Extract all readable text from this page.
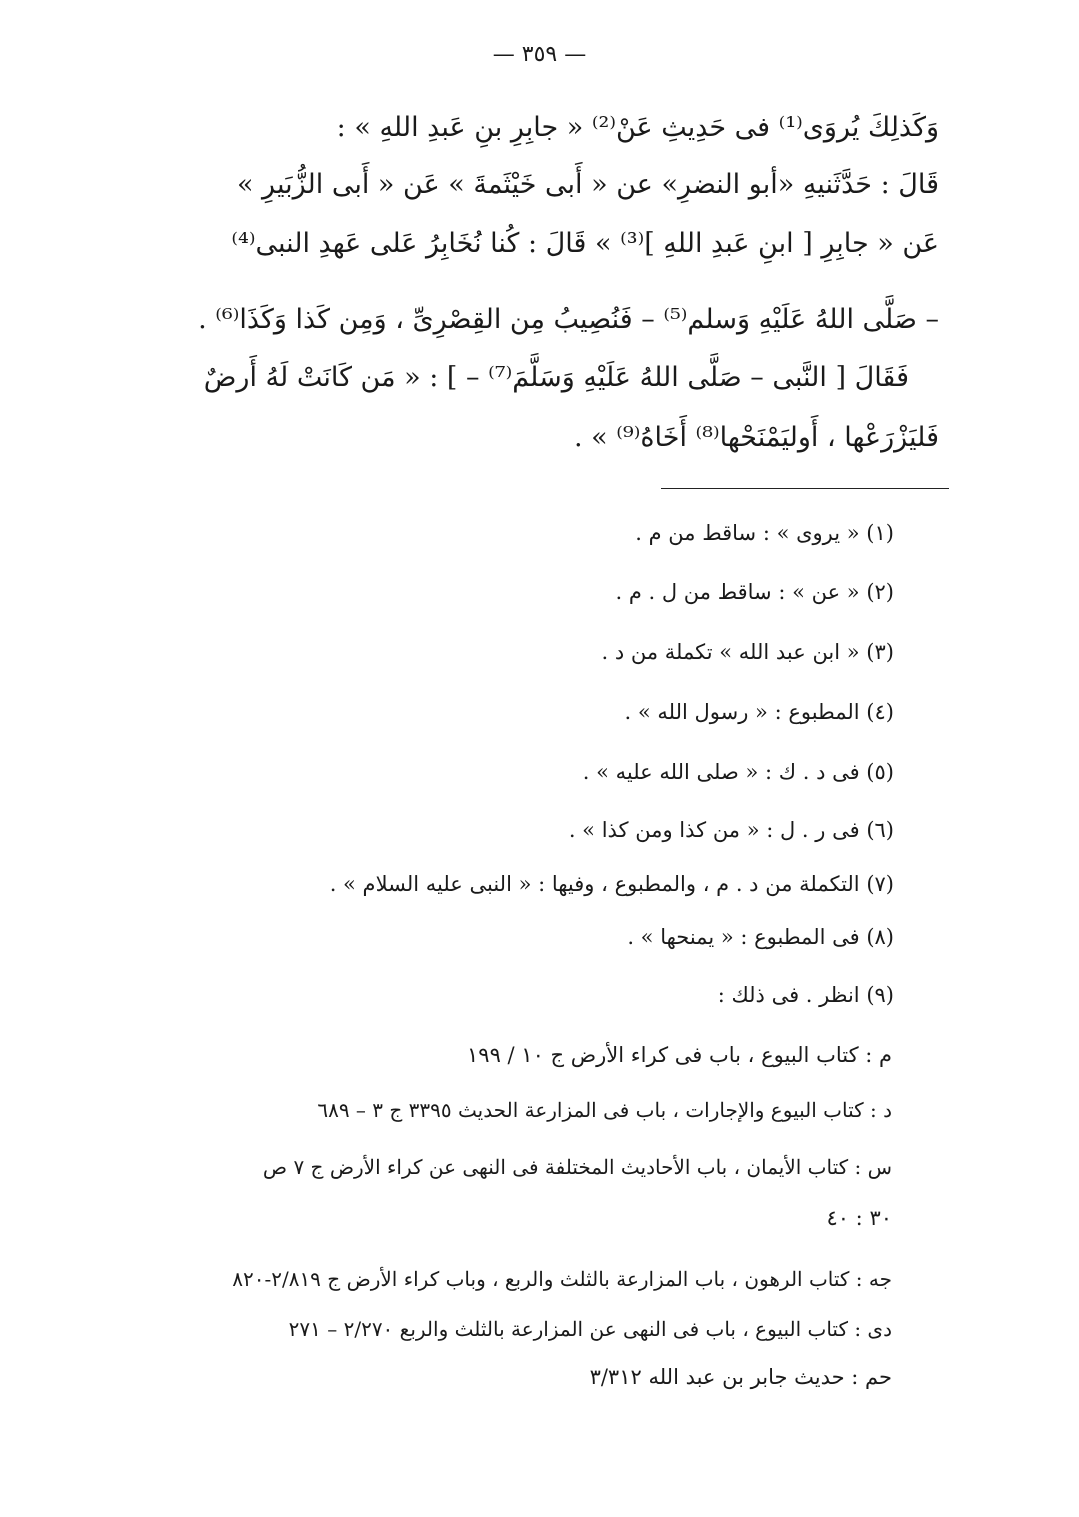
— ٣٥٩ —
وَكَذلِكَ يُروَى⁽¹⁾ فى حَدِيثِ عَنْ⁽²⁾ « جابِرِ بنِ عَبدِ اللهِ » :
قَالَ : حَدَّثَنيهِ «أبو النضرِ» عن « أَبى خَيْثَمةَ » عَن « أَبى الزُّبَيرِ »
عَن « جابِرِ [ ابنِ عَبدِ اللهِ ]⁽³⁾ » قَالَ : كُنا نُخَابِرُ عَلى عَهدِ النبى⁽⁴⁾
– صَلَّى اللهُ عَلَيْهِ وَسلم⁽⁵⁾ – فَنُصِيبُ مِن القِصْرِىِّ ، وَمِن كَذا وَكَذَا⁽⁶⁾ .
فَقَالَ [ النَّبى – صَلَّى اللهُ عَلَيْهِ وَسَلَّمَ⁽⁷⁾ – ] : « مَن كَانَتْ لَهُ أَرضٌ
فَليَزْرَعْها ، أَوليَمْنَحْها⁽⁸⁾ أَخَاهُ⁽⁹⁾ » .
(١) « يروى » : ساقط من م .
(٢) « عن » : ساقط من ل . م .
(٣) « ابن عبد الله » تكملة من د .
(٤) المطبوع : « رسول الله » .
(٥) فى د . ك : « صلى الله عليه » .
(٦) فى ر . ل : « من كذا ومن كذا » .
(٧) التكملة من د . م ، والمطبوع ، وفيها : « النبى عليه السلام » .
(٨) فى المطبوع : « يمنحها » .
(٩) انظر . فى ذلك :
م : كتاب البيوع ، باب فى كراء الأرض ج ١٠ / ١٩٩
د : كتاب البيوع والإجارات ، باب فى المزارعة الحديث ٣٣٩٥ ج ٣ – ٦٨٩
س : كتاب الأيمان ، باب الأحاديث المختلفة فى النهى عن كراء الأرض ج ٧ ص
٣٠ : ٤٠
جه : كتاب الرهون ، باب المزارعة بالثلث والربع ، وباب كراء الأرض ج ٢/٨١٩-٨٢٠
دى : كتاب البيوع ، باب فى النهى عن المزارعة بالثلث والربع ٢/٢٧٠ – ٢٧١
حم : حديث جابر بن عبد الله ٣/٣١٢
